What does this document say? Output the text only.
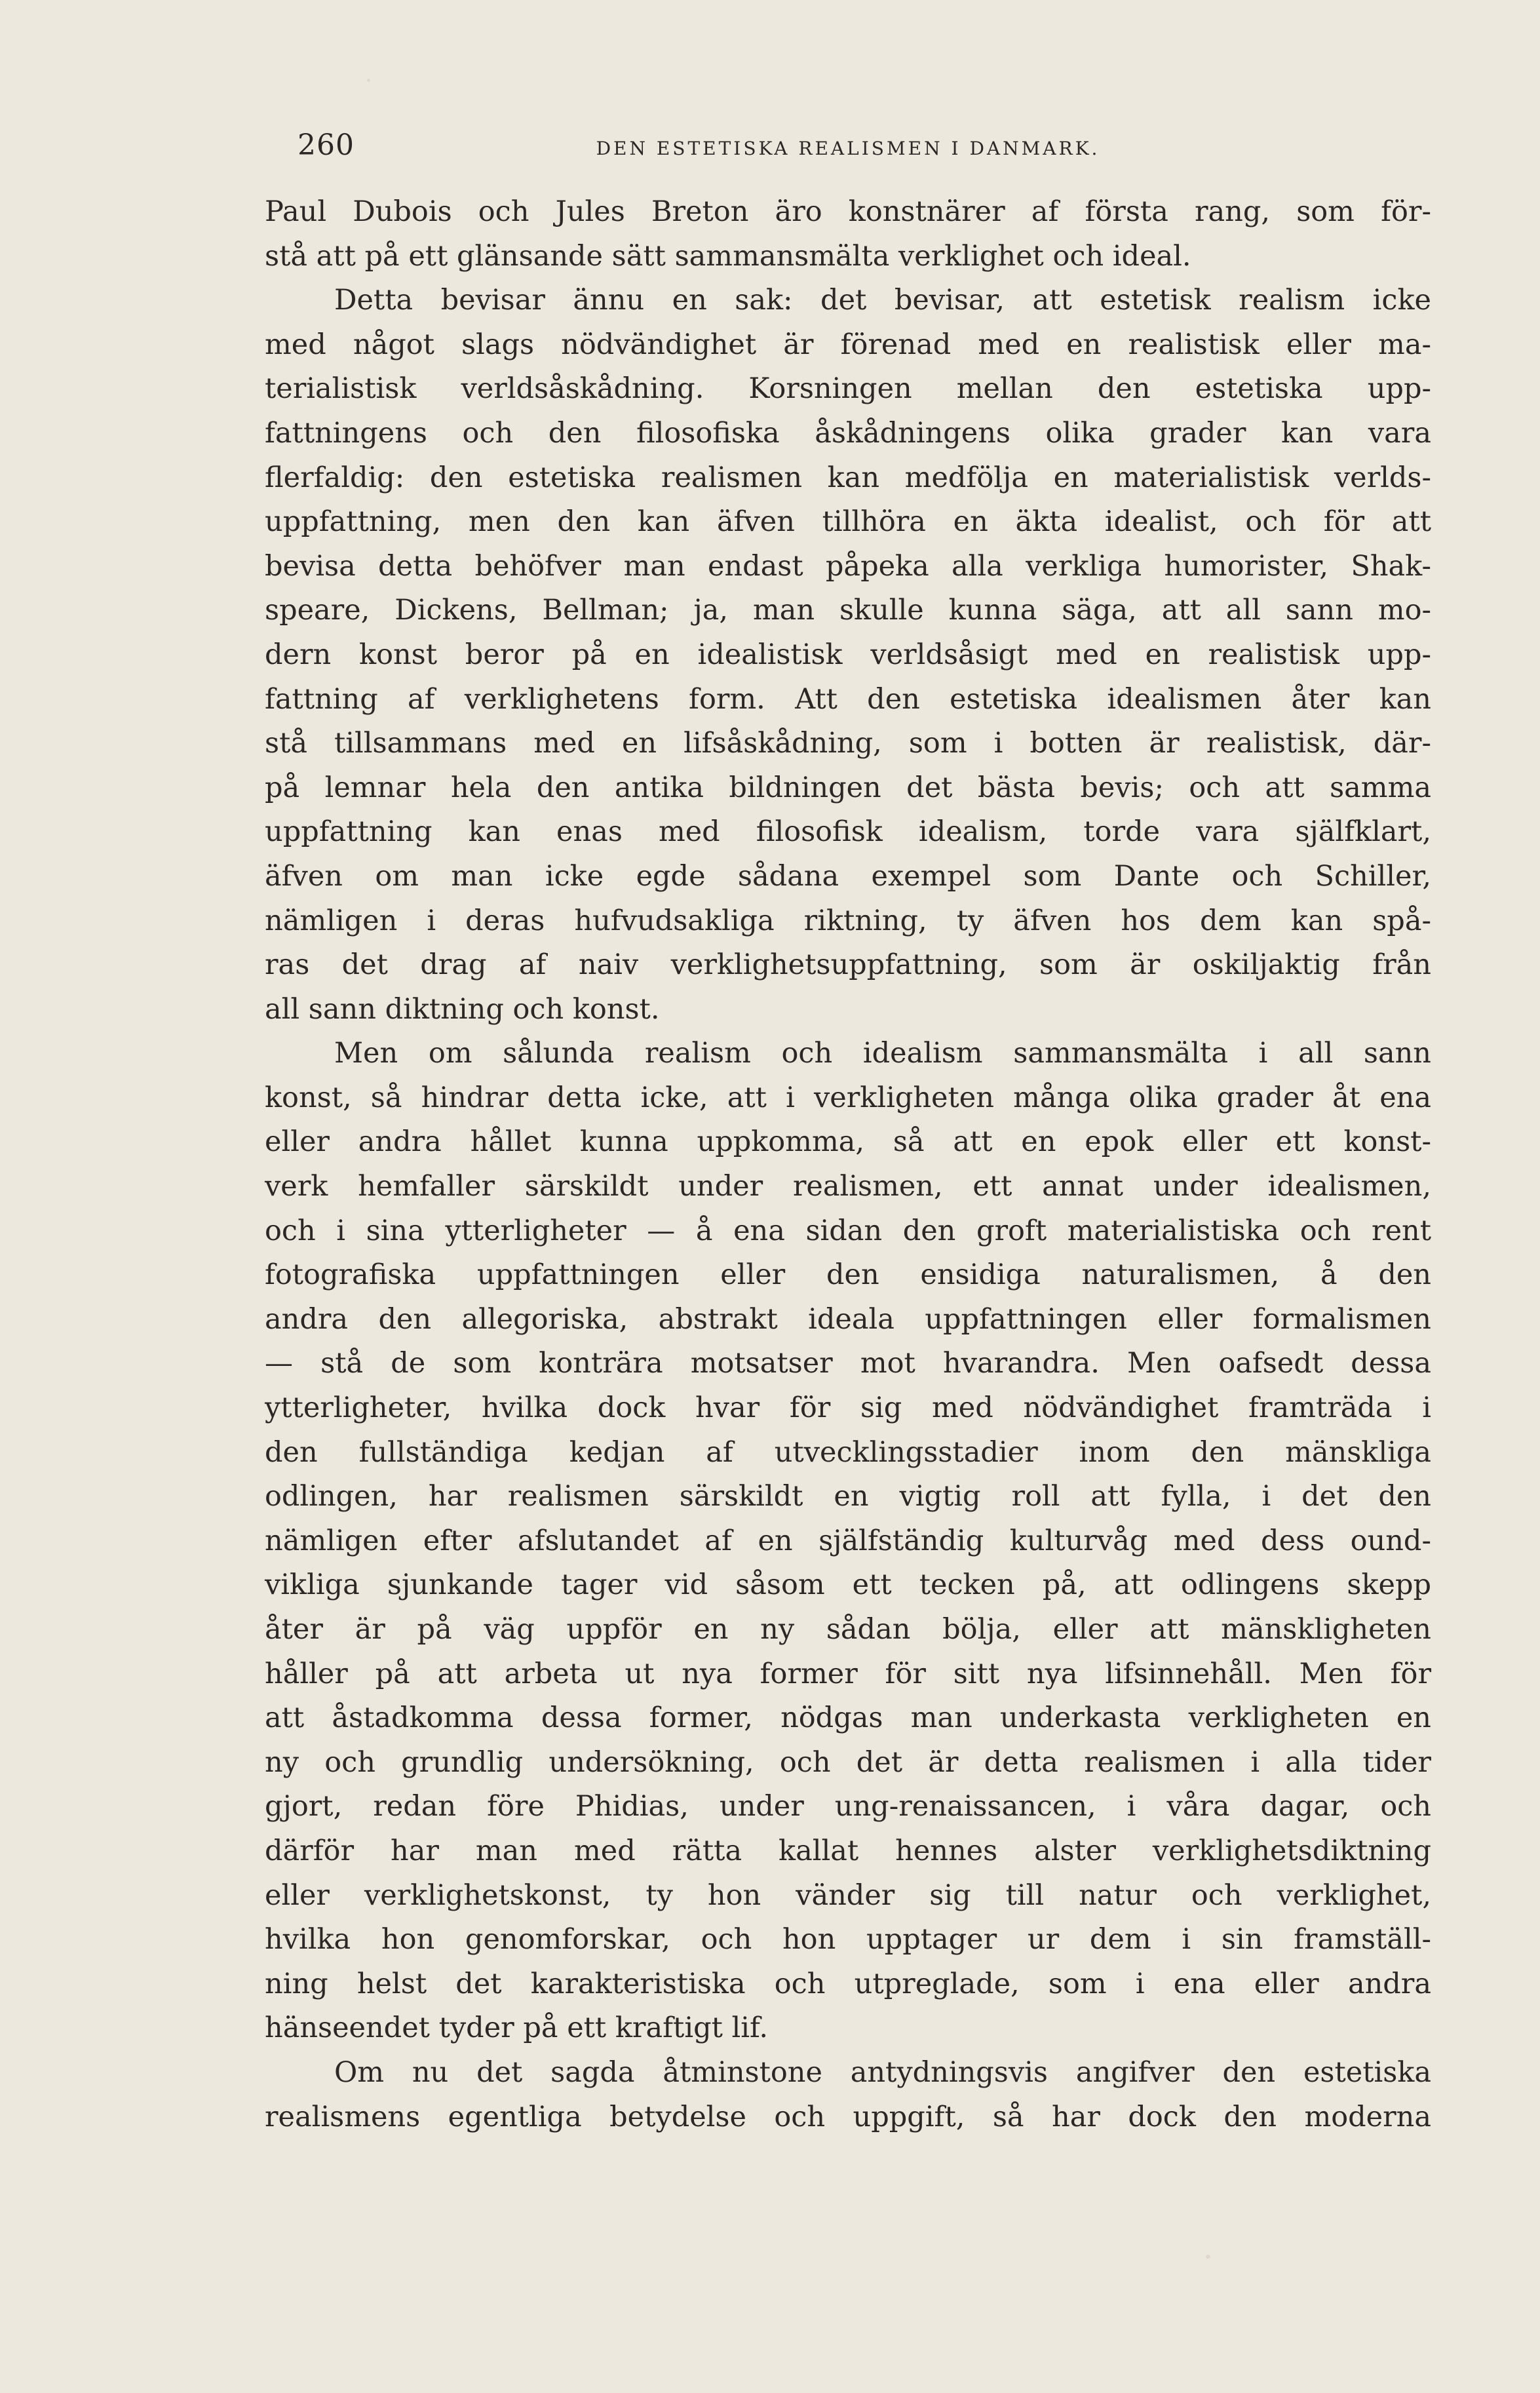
260	DEN ESTETISKA REALISMEN I DANMARK.

Paul Dubois och Jules Breton äro konstnärer af första rang, som för-

stå att på ett glänsande sätt sammansmälta verklighet och ideal.

Detta bevisar ännu en sak: det bevisar, att estetisk realism icke

med något slags nödvändighet är förenad med en realistisk eller ma-

terialistisk verldsåskådning. Korsningen mellan den estetiska upp-

fattningens och den filosofiska åskådningens olika grader kan vara

flerfaldig: den estetiska realismen kan medfölja en materialistisk verlds-

uppfattning, men den kan äfven tillhöra en äkta idealist, och för att

bevisa detta behöfver man endast påpeka alla verkliga humorister, Shak-

speare, Dickens, Bellman; ja, man skulle kunna säga, att all sann mo-

dern konst beror på en idealistisk verldsåsigt med en realistisk upp-

fattning af verklighetens form. Att den estetiska idealismen åter kan

stå tillsammans med en lifsåskådning, som i botten är realistisk, där-

på lemnar hela den antika bildningen det bästa bevis; och att samma

uppfattning kan enas med filosofisk idealism, torde vara själfklart,

äfven om man icke egde sådana exempel som Dante och Schiller,

nämligen i deras hufvudsakliga riktning, ty äfven hos dem kan spå-

ras det drag af naiv verklighetsuppfattning, som är oskiljaktig från

all sann diktning och konst.

Men om sålunda realism och idealism sammansmälta i all sann

konst, så hindrar detta icke, att i verkligheten många olika grader åt ena

eller andra hållet kunna uppkomma, så att en epok eller ett konst-

verk hemfaller särskildt under realismen, ett annat under idealismen,

och i sina ytterligheter — å ena sidan den groft materialistiska och rent

fotografiska uppfattningen eller den ensidiga naturalismen, å den

andra den allegoriska, abstrakt ideala uppfattningen eller formalismen

— stå de som konträra motsatser mot hvarandra. Men oafsedt dessa

ytterligheter, hvilka dock hvar för sig med nödvändighet framträda i

den fullständiga kedjan af utvecklingsstadier inom den mänskliga

odlingen, har realismen särskildt en vigtig roll att fylla, i det den

nämligen efter afslutandet af en själfständig kulturvåg med dess ound-

vikliga sjunkande tager vid såsom ett tecken på, att odlingens skepp

åter är på väg uppför en ny sådan bölja, eller att mänskligheten

håller på att arbeta ut nya former för sitt nya lifsinnehåll. Men för

att åstadkomma dessa former, nödgas man underkasta verkligheten en

ny och grundlig undersökning, och det är detta realismen i alla tider

gjort, redan före Phidias, under ung-renaissancen, i våra dagar, och

därför har man med rätta kallat hennes alster verklighetsdiktning

eller verklighetskonst, ty hon vänder sig till natur och verklighet,

hvilka hon genomforskar, och hon upptager ur dem i sin framställ-

ning helst det karakteristiska och utpreglade, som i ena eller andra

hänseendet tyder på ett kraftigt lif.

Om nu det sagda åtminstone antydningsvis angifver den estetiska

realismens egentliga betydelse och uppgift, så har dock den moderna
